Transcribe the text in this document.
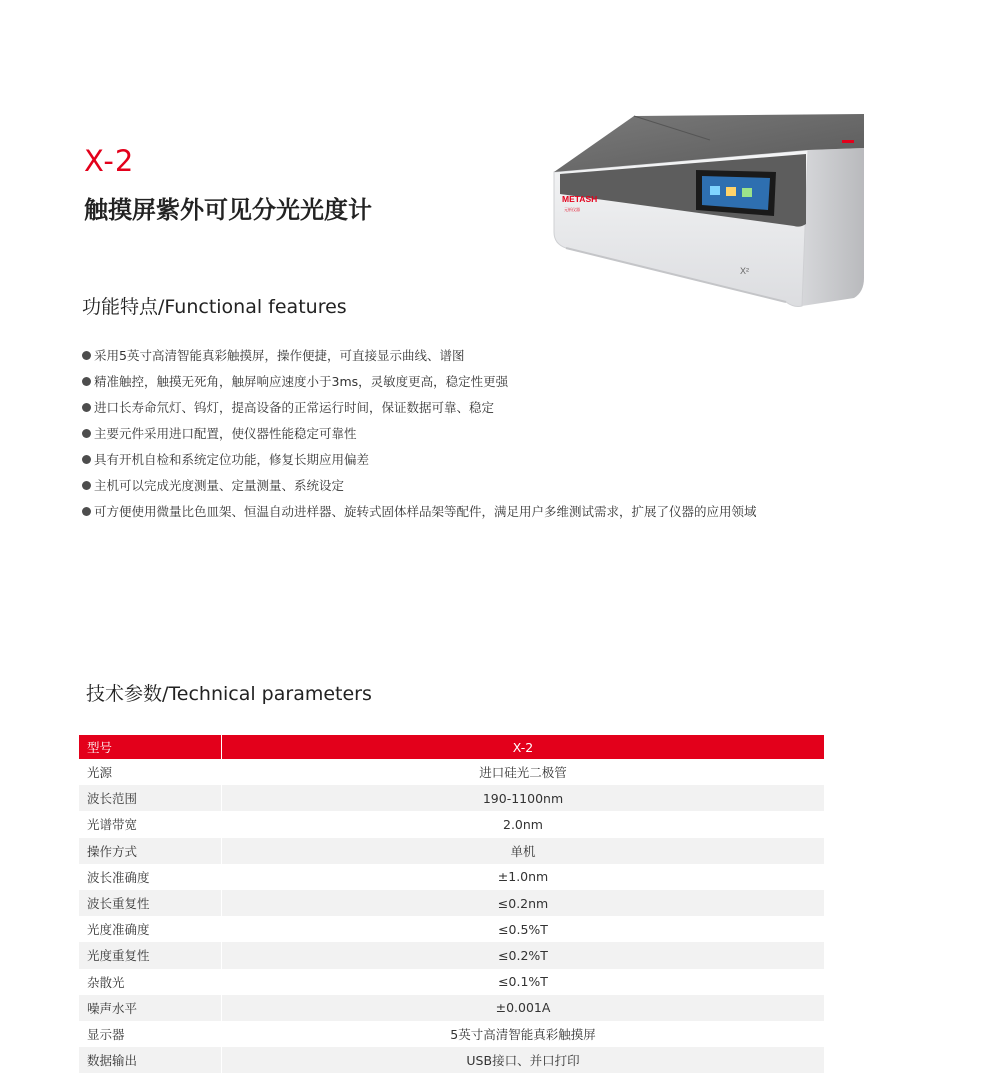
X-2
触摸屏紫外可见分光光度计	METASH
元析仪器
X²
功能特点/Functional features
采用5英寸高清智能真彩触摸屏，操作便捷，可直接显示曲线、谱图
精准触控，触摸无死角，触屏响应速度小于3ms，灵敏度更高，稳定性更强
进口长寿命氘灯、钨灯，提高设备的正常运行时间，保证数据可靠、稳定
主要元件采用进口配置，使仪器性能稳定可靠性
具有开机自检和系统定位功能，修复长期应用偏差
主机可以完成光度测量、定量测量、系统设定
可方便使用微量比色皿架、恒温自动进样器、旋转式固体样品架等配件，满足用户多维测试需求，扩展了仪器的应用领域
技术参数/Technical parameters
型号	X-2
光源	进口硅光二极管
波长范围	190-1100nm
光谱带宽	2.0nm
操作方式	单机
波长准确度	±1.0nm
波长重复性	≤0.2nm
光度准确度	≤0.5%T
光度重复性	≤0.2%T
杂散光	≤0.1%T
噪声水平	±0.001A
显示器	5英寸高清智能真彩触摸屏
数据输出	USB接口、并口打印
